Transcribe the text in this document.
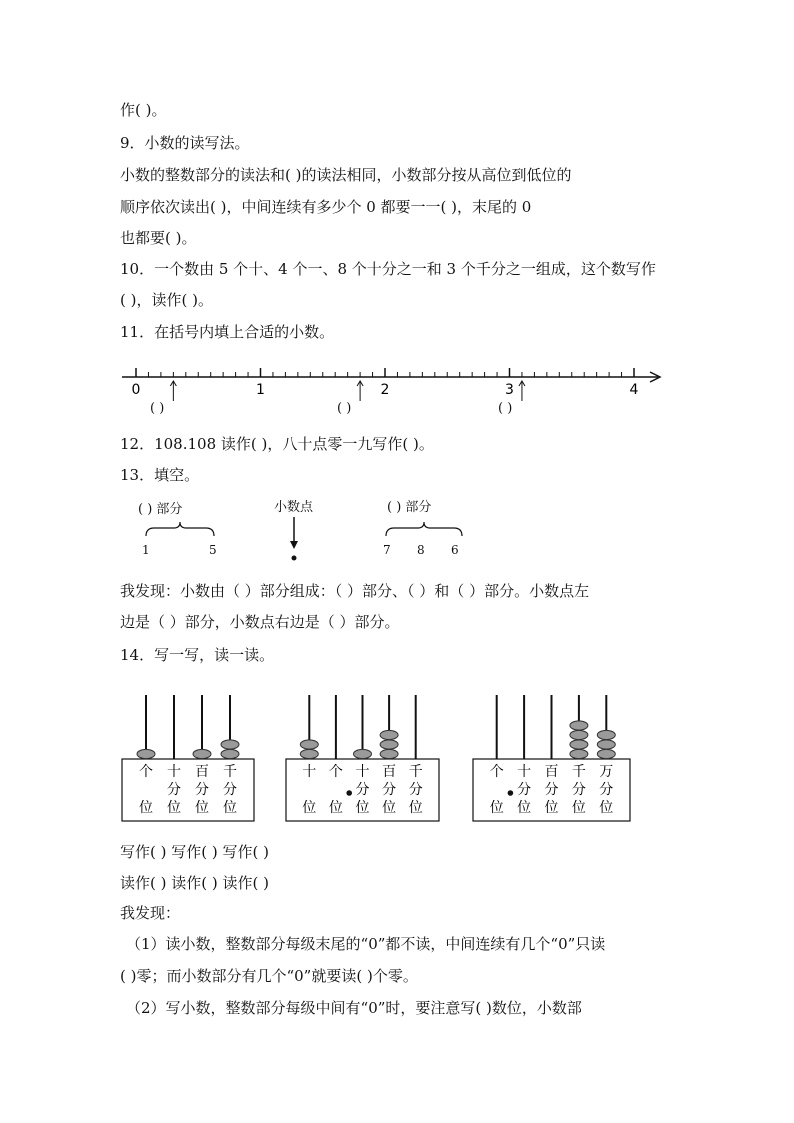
作( )。
9．小数的读写法。
小数的整数部分的读法和( )的读法相同，小数部分按从高位到低位的
顺序依次读出( )，中间连续有多少个 0 都要一一( )，末尾的 0
也都要( )。
10．一个数由 5 个十、4 个一、8 个十分之一和 3 个千分之一组成，这个数写作
( )，读作( )。
11．在括号内填上合适的小数。
0	1	2	3	4
( )	( )	( )
12．108.108 读作( )，八十点零一九写作( )。
13．填空。
( ) 部分
1	5
小数点	( ) 部分
7 8 6
我发现：小数由（ ）部分组成：（ ）部分、（ ）和（ ）部分。小数点左
边是（ ）部分，小数点右边是（ ）部分。
14．写一写，读一读。
个
位
十
分
位
百
分
位
千
分
位
十
位
个
位
十
分
位
百
分
位
千
分
位
个
位
十
分
位
百
分
位
千
分
位
万
分
位
写作( ) 写作( ) 写作( )
读作( ) 读作( ) 读作( )
我发现：
（1）读小数，整数部分每级末尾的“0”都不读，中间连续有几个“0”只读
( )零；而小数部分有几个“0”就要读( )个零。
（2）写小数，整数部分每级中间有“0”时，要注意写( )数位，小数部
